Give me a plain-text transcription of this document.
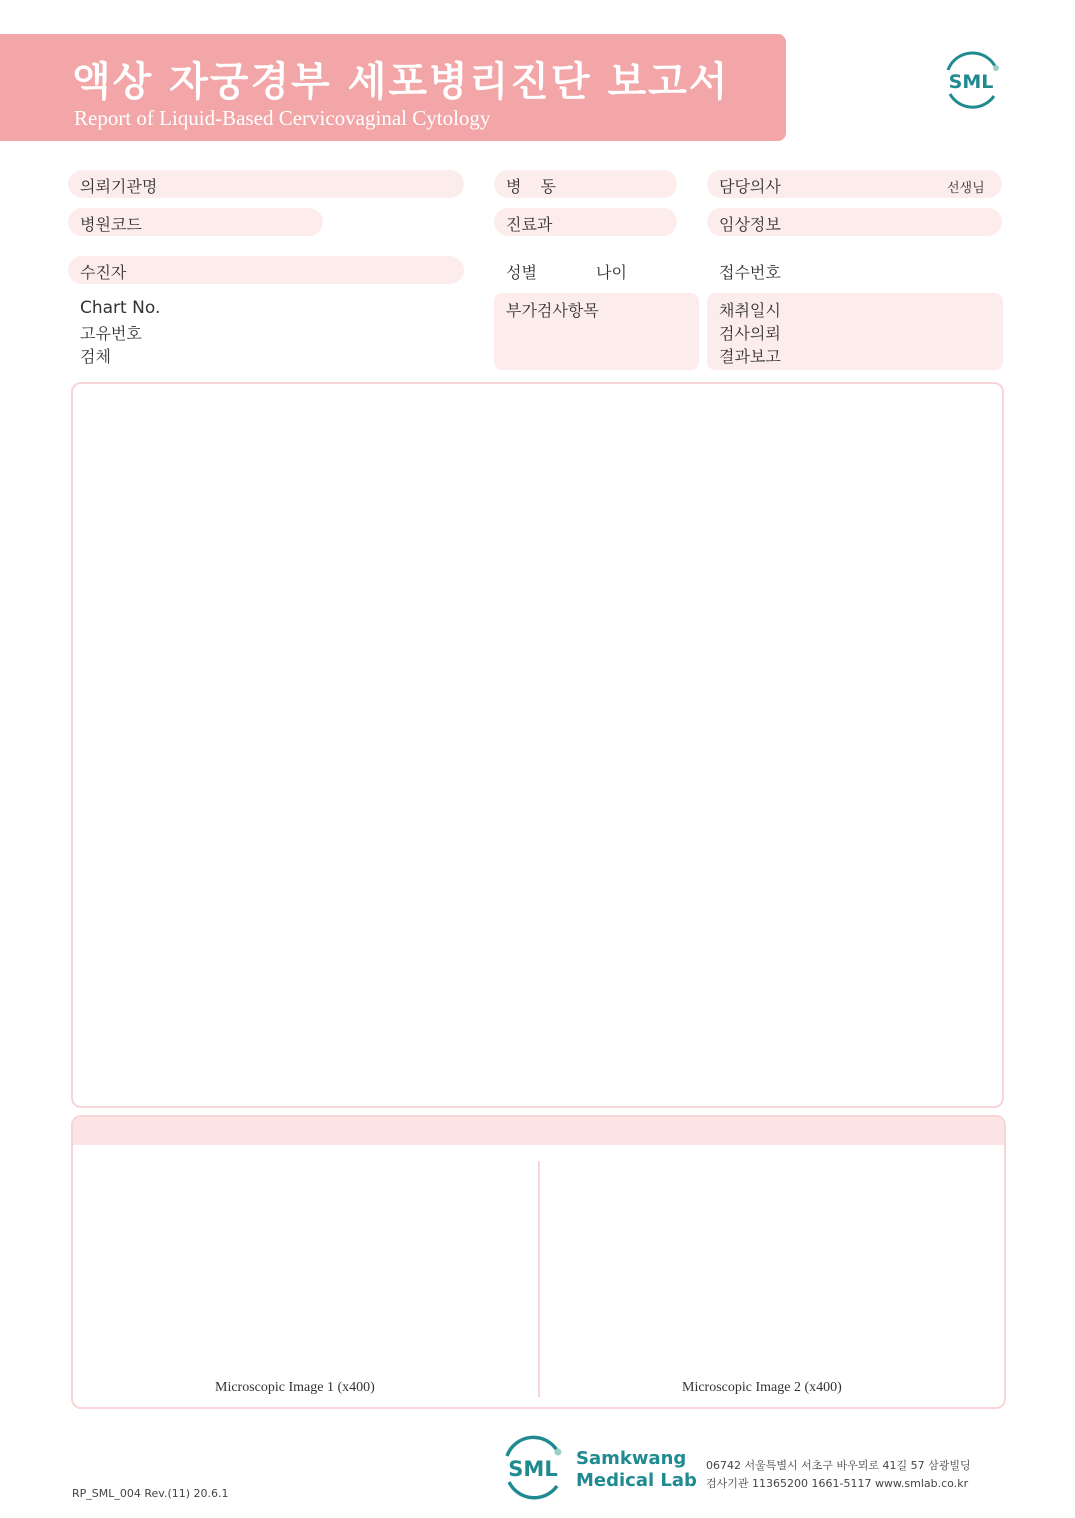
액상 자궁경부 세포병리진단 보고서
Report of Liquid-Based Cervicovaginal Cytology
SML
의뢰기관명	병 동	담당의사	선생님
병원코드	진료과	임상정보
수진자	성별	나이	접수번호
Chart No.
고유번호
검체
부가검사항목	채취일시
검사의뢰
결과보고
Microscopic Image 1 (x400)	Microscopic Image 2 (x400)
RP_SML_004 Rev.(11) 20.6.1
SML Samkwang
Medical Lab
06742 서울특별시 서초구 바우뫼로 41길 57 삼광빌딩
검사기관 11365200 1661-5117 www.smlab.co.kr
